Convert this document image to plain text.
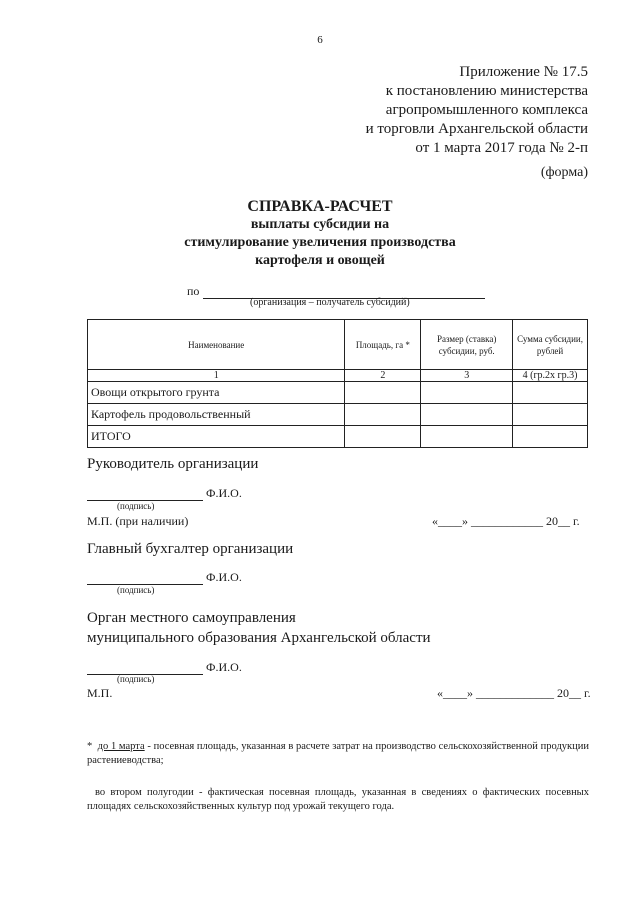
6
Приложение № 17.5
к постановлению министерства
агропромышленного комплекса
и торговли Архангельской области
от 1 марта 2017 года № 2-п
(форма)
СПРАВКА-РАСЧЕТ
выплаты субсидии на
стимулирование увеличения производства
картофеля и овощей
по
(организация – получатель субсидий)
Наименование	Площадь, га *	Размер (ставка) субсидии, руб.	Сумма субсидии, рублей
1	2	3	4 (гр.2х гр.3)
Овощи открытого грунта			
Картофель продовольственный			
ИТОГО			
Руководитель организации
Ф.И.О.
(подпись)
М.П. (при наличии)	«____» ____________ 20__ г.
Главный бухгалтер организации
Ф.И.О.
(подпись)
Орган местного самоуправления
муниципального образования Архангельской области
Ф.И.О.
(подпись)
М.П.	«____» _____________ 20__ г.
* до 1 марта - посевная площадь, указанная в расчете затрат на производство сельскохозяйственной продукции растениеводства;
во втором полугодии - фактическая посевная площадь, указанная в сведениях о фактических посевных площадях сельскохозяйственных культур под урожай текущего года.
